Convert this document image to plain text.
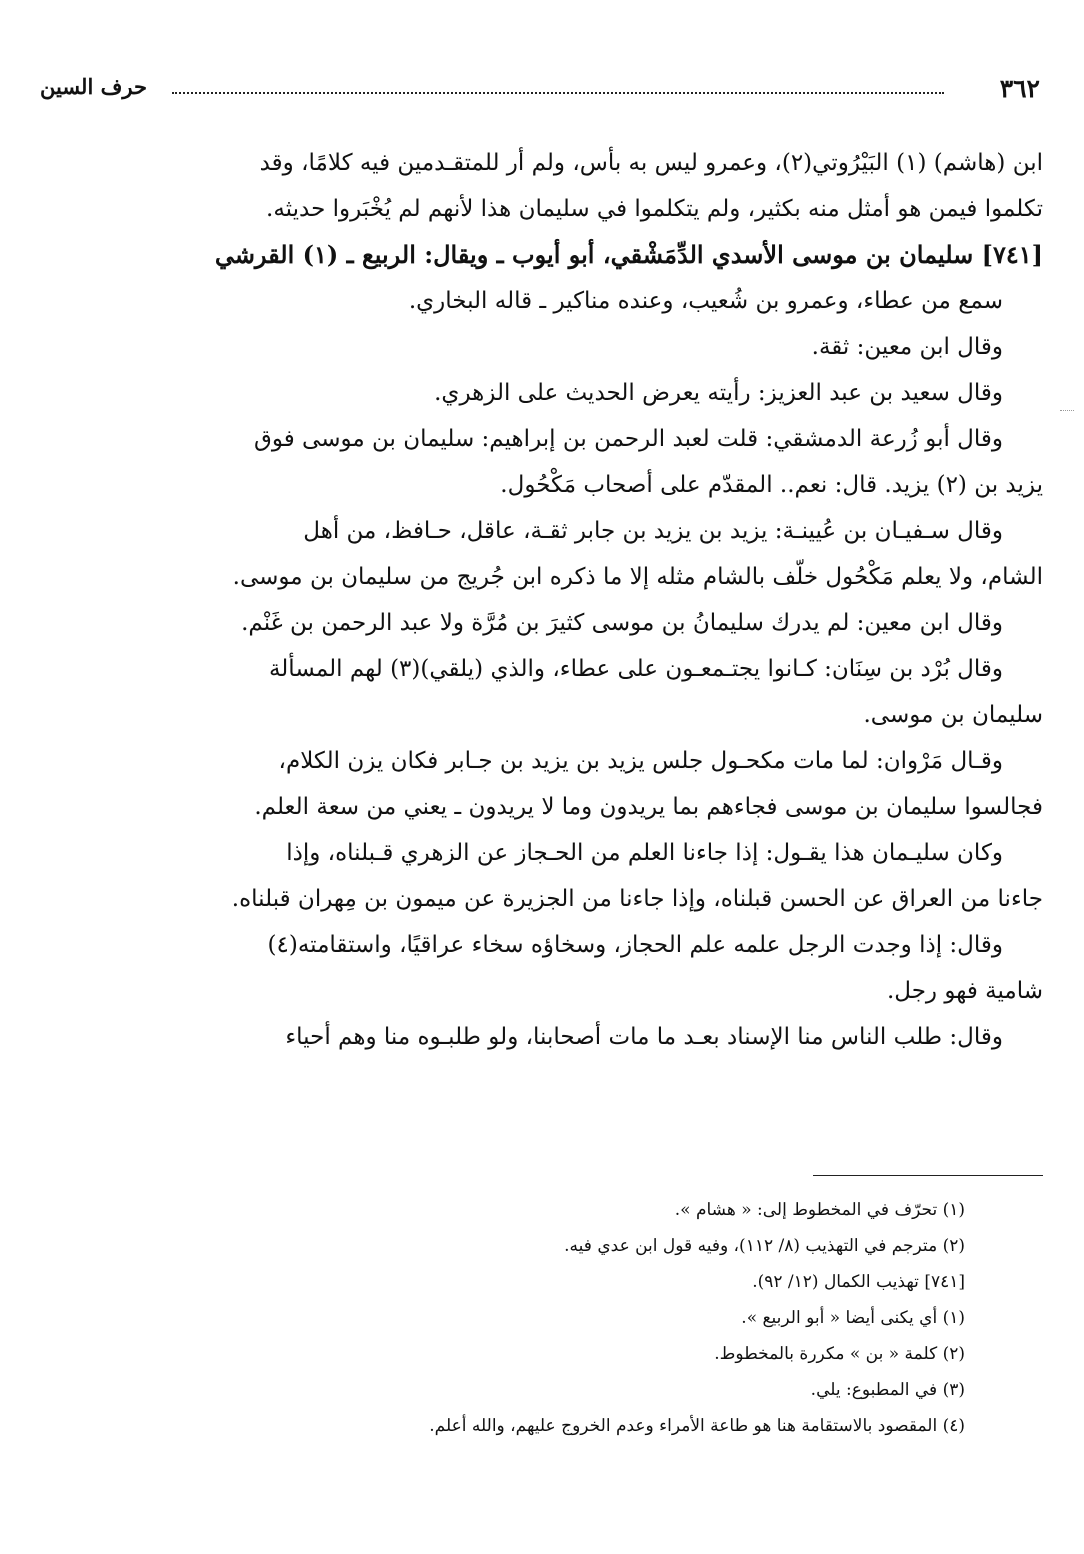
٣٦٢
حرف السين
ابن (هاشم) (١) البَيْرُوتي(٢)، وعمرو ليس به بأس، ولم أر للمتقـدمين فيه كلامًا، وقد
تكلموا فيمن هو أمثل منه بكثير، ولم يتكلموا في سليمان هذا لأنهم لم يُخْبَروا حديثه.
[٧٤١] سليمان بن موسى الأسدي الدِّمَشْقي، أبو أيوب ـ ويقال: الربيع ـ (١) القرشي
سمع من عطاء، وعمرو بن شُعيب، وعنده مناكير ـ قاله البخاري.
وقال ابن معين: ثقة.
وقال سعيد بن عبد العزيز: رأيته يعرض الحديث على الزهري.
وقال أبو زُرعة الدمشقي: قلت لعبد الرحمن بن إبراهيم: سليمان بن موسى فوق
يزيد بن (٢) يزيد. قال: نعم.. المقدّم على أصحاب مَكْحُول.
وقال سـفيـان بن عُيينـة: يزيد بن يزيد بن جابر ثقـة، عاقل، حـافظ، من أهل
الشام، ولا يعلم مَكْحُول خلّف بالشام مثله إلا ما ذكره ابن جُريج من سليمان بن موسى.
وقال ابن معين: لم يدرك سليمانُ بن موسى كثيرَ بن مُرَّة ولا عبد الرحمن بن غَنْم.
وقال بُرْد بن سِنَان: كـانوا يجتـمعـون على عطاء، والذي (يلقي)(٣) لهم المسألة
سليمان بن موسى.
وقـال مَرْوان: لما مات مكحـول جلس يزيد بن يزيد بن جـابر فكان يزن الكلام،
فجالسوا سليمان بن موسى فجاءهم بما يريدون وما لا يريدون ـ يعني من سعة العلم.
وكان سليـمان هذا يقـول: إذا جاءنا العلم من الحـجاز عن الزهري قـبلناه، وإذا
جاءنا من العراق عن الحسن قبلناه، وإذا جاءنا من الجزيرة عن ميمون بن مِهران قبلناه.
وقال: إذا وجدت الرجل علمه علم الحجاز، وسخاؤه سخاء عراقيًا، واستقامته(٤)
شامية فهو رجل.
وقال: طلب الناس منا الإسناد بعـد ما مات أصحابنا، ولو طلبـوه منا وهم أحياء
(١) تحرّف في المخطوط إلى: « هشام ».
(٢) مترجم في التهذيب (٨/ ١١٢)، وفيه قول ابن عدي فيه.
[٧٤١] تهذيب الكمال (١٢/ ٩٢).
(١) أي يكنى أيضا « أبو الربيع ».
(٢) كلمة « بن » مكررة بالمخطوط.
(٣) في المطبوع: يلي.
(٤) المقصود بالاستقامة هنا هو طاعة الأمراء وعدم الخروج عليهم، والله أعلم.
